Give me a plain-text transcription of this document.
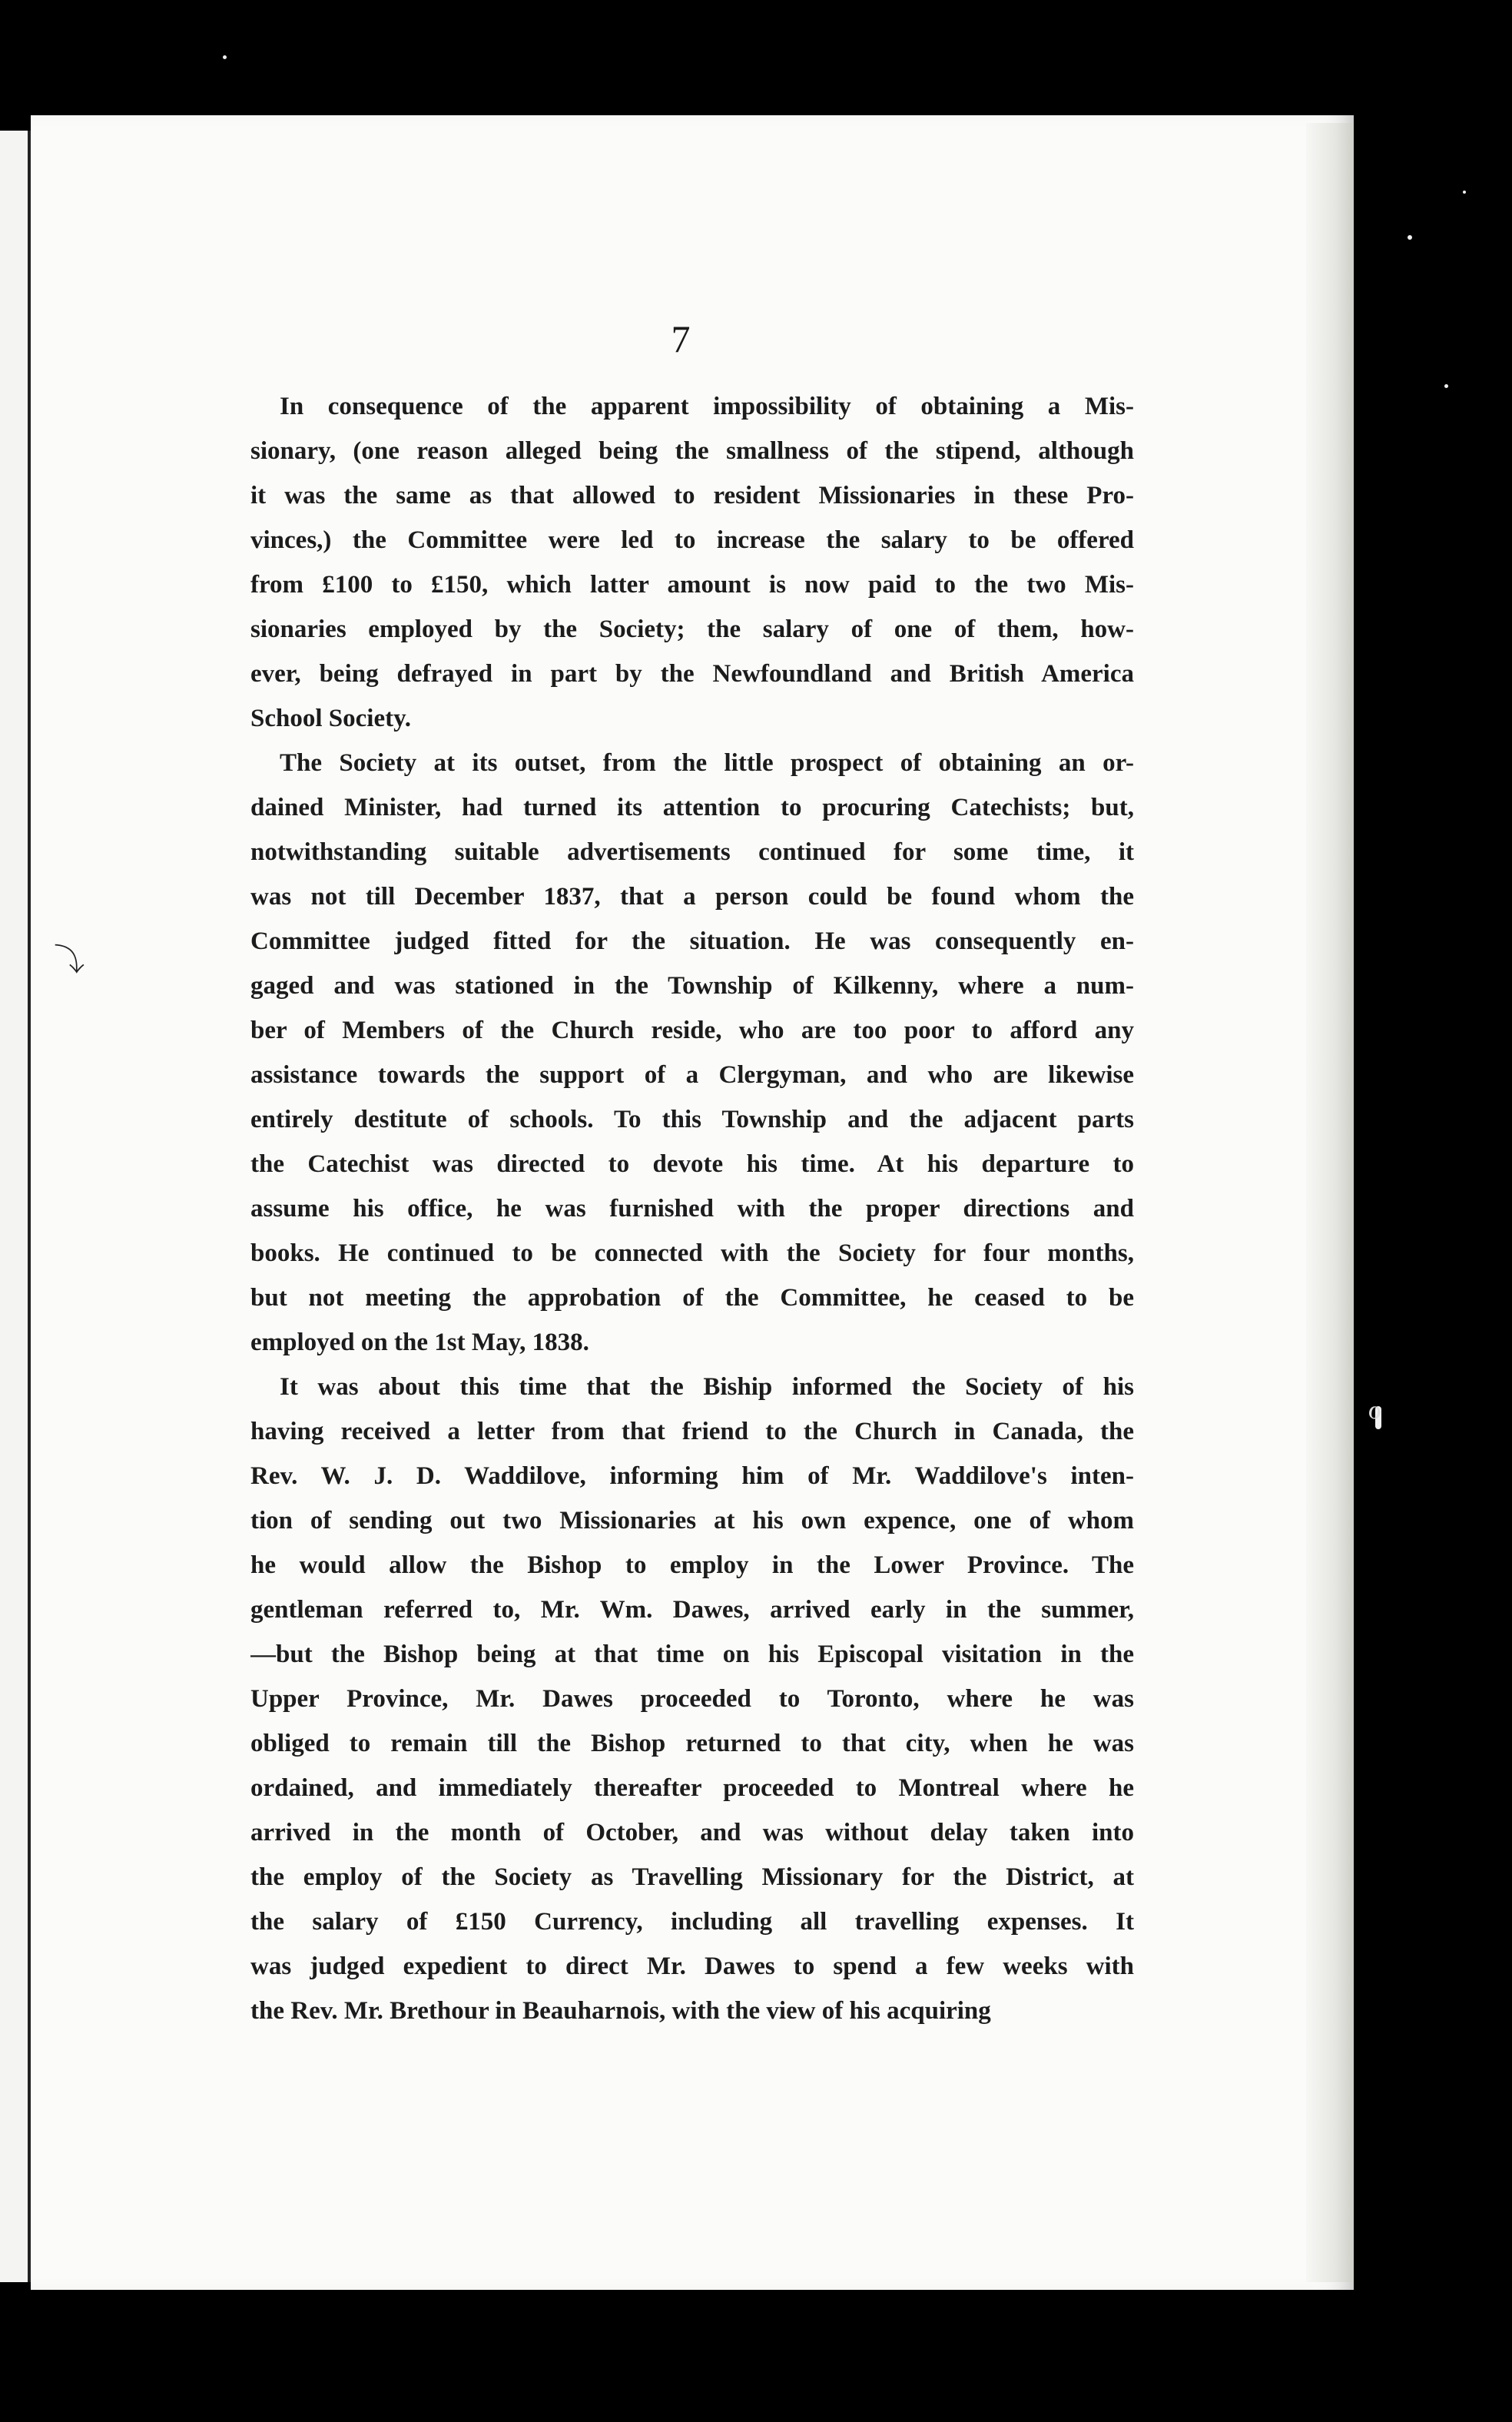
⤵
ℴ
7
In consequence of the apparent impossibility of obtaining a Mis-
sionary, (one reason alleged being the smallness of the stipend, although
it was the same as that allowed to resident Missionaries in these Pro-
vinces,) the Committee were led to increase the salary to be offered
from £100 to £150, which latter amount is now paid to the two Mis-
sionaries employed by the Society; the salary of one of them, how-
ever, being defrayed in part by the Newfoundland and British America
School Society.
The Society at its outset, from the little prospect of obtaining an or-
dained Minister, had turned its attention to procuring Catechists; but,
notwithstanding suitable advertisements continued for some time, it
was not till December 1837, that a person could be found whom the
Committee judged fitted for the situation. He was consequently en-
gaged and was stationed in the Township of Kilkenny, where a num-
ber of Members of the Church reside, who are too poor to afford any
assistance towards the support of a Clergyman, and who are likewise
entirely destitute of schools. To this Township and the adjacent parts
the Catechist was directed to devote his time. At his departure to
assume his office, he was furnished with the proper directions and
books. He continued to be connected with the Society for four months,
but not meeting the approbation of the Committee, he ceased to be
employed on the 1st May, 1838.
It was about this time that the Biship informed the Society of his
having received a letter from that friend to the Church in Canada, the
Rev. W. J. D. Waddilove, informing him of Mr. Waddilove's inten-
tion of sending out two Missionaries at his own expence, one of whom
he would allow the Bishop to employ in the Lower Province. The
gentleman referred to, Mr. Wm. Dawes, arrived early in the summer,
—but the Bishop being at that time on his Episcopal visitation in the
Upper Province, Mr. Dawes proceeded to Toronto, where he was
obliged to remain till the Bishop returned to that city, when he was
ordained, and immediately thereafter proceeded to Montreal where he
arrived in the month of October, and was without delay taken into
the employ of the Society as Travelling Missionary for the District, at
the salary of £150 Currency, including all travelling expenses. It
was judged expedient to direct Mr. Dawes to spend a few weeks with
the Rev. Mr. Brethour in Beauharnois, with the view of his acquiring
